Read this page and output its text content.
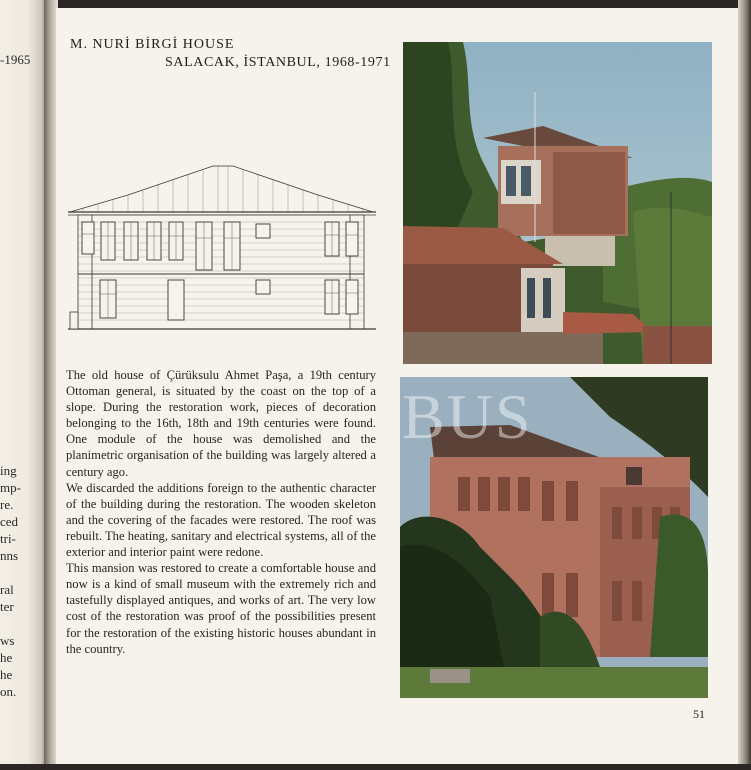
-1965
ing
mp-
re.
ced
tri-
nns
ral
ter
ws
he
he
on.
M. NURİ BİRGİ HOUSE
SALACAK, İSTANBUL, 1968-1971

The old house of Çürüksulu Ahmet Paşa, a 19th century Ottoman general, is situated by the coast on the top of a slope. During the restoration work, pieces of decoration belonging to the 16th, 18th and 19th centuries were found. One module of the house was demolished and the planimetric organisation of the building was largely altered a century ago.

We discarded the additions foreign to the authentic character of the building during the restoration. The wooden skeleton and the covering of the facades were restored. The roof was rebuilt. The heating, sanitary and electrical systems, all of the exterior and interior paint were redone.

This mansion was restored to create a comfortable house and now is a kind of small museum with the extremely rich and tastefully displayed antiques, and works of art. The very low cost of the restoration was proof of the possibilities present for the restoration of the existing historic houses abundant in the country.

BUS
51
